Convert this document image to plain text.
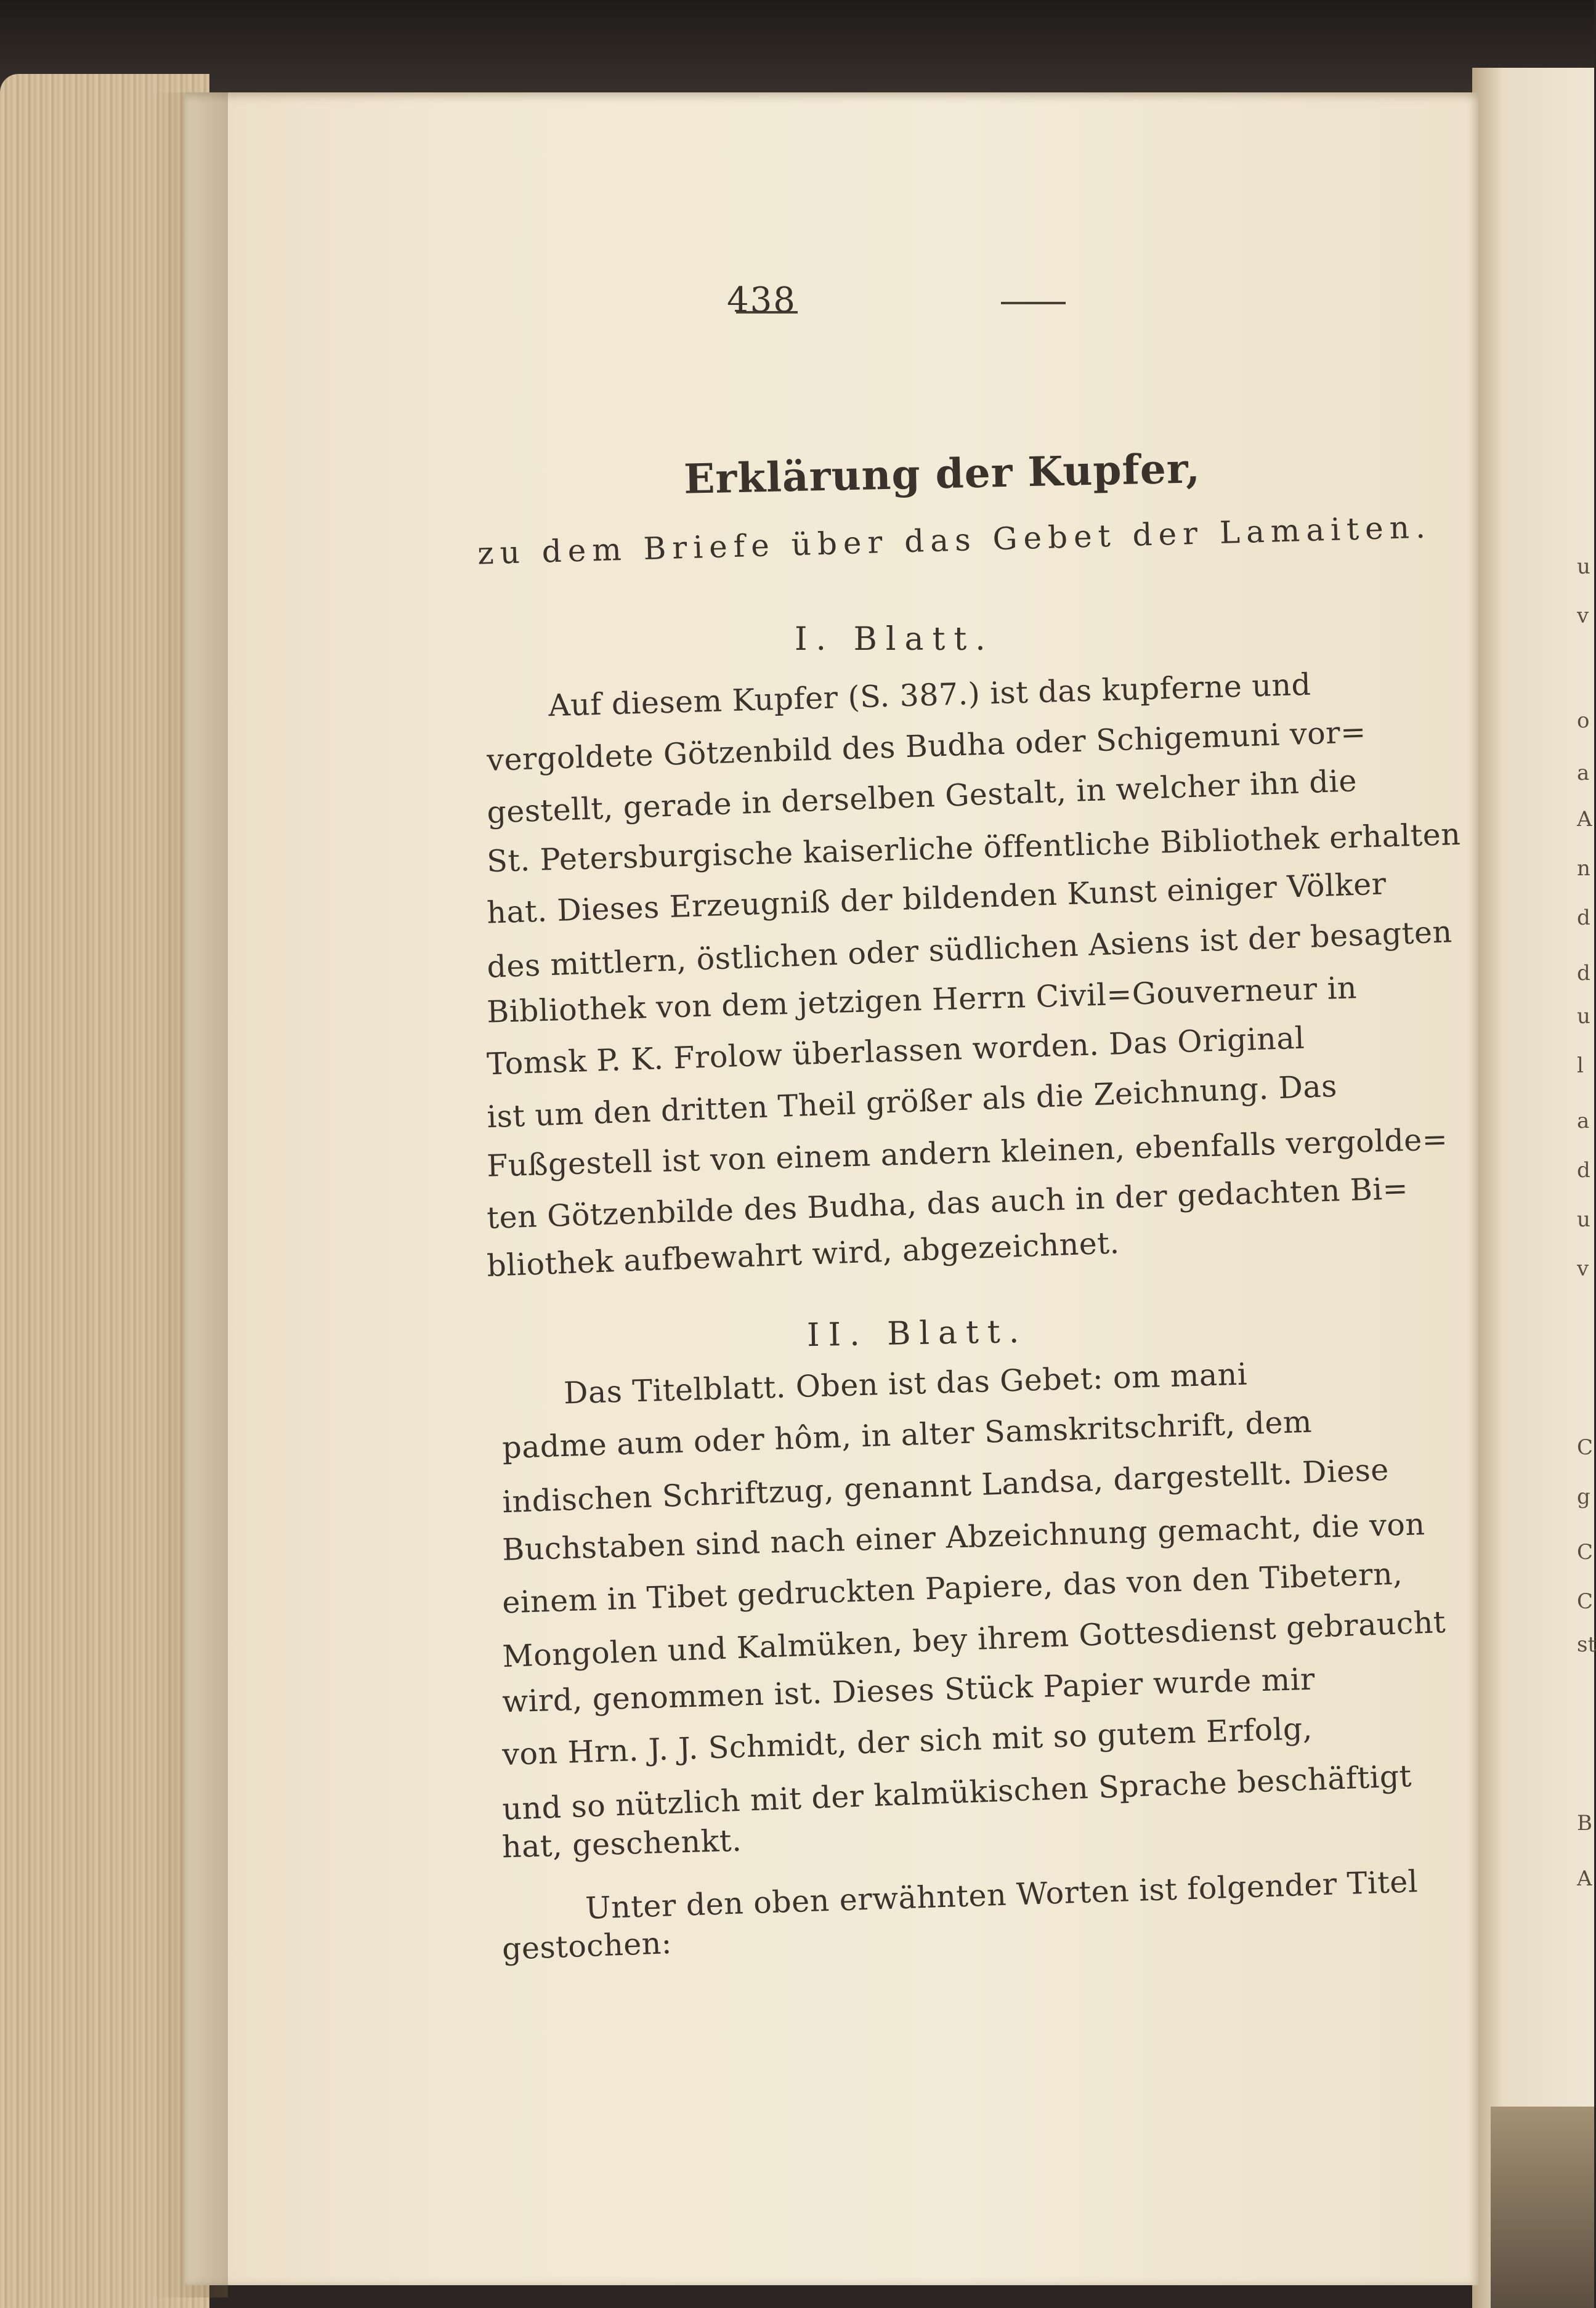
u
v
o
a
A
n
d
d
u
l
a
d
u
v
C
g
C
C
st
B
A
438
Erklärung der Kupfer,
zu dem Briefe über das Gebet der Lamaiten.
I. Blatt.
Auf diesem Kupfer (S. 387.) ist das kupferne und
vergoldete Götzenbild des Budha oder Schigemuni vor=
gestellt, gerade in derselben Gestalt, in welcher ihn die
St. Petersburgische kaiserliche öffentliche Bibliothek erhalten
hat. Dieses Erzeugniß der bildenden Kunst einiger Völker
des mittlern, östlichen oder südlichen Asiens ist der besagten
Bibliothek von dem jetzigen Herrn Civil=Gouverneur in
Tomsk P. K. Frolow überlassen worden. Das Original
ist um den dritten Theil größer als die Zeichnung. Das
Fußgestell ist von einem andern kleinen, ebenfalls vergolde=
ten Götzenbilde des Budha, das auch in der gedachten Bi=
bliothek aufbewahrt wird, abgezeichnet.
II. Blatt.
Das Titelblatt. Oben ist das Gebet: om mani
padme aum oder hôm, in alter Samskritschrift, dem
indischen Schriftzug, genannt Landsa, dargestellt. Diese
Buchstaben sind nach einer Abzeichnung gemacht, die von
einem in Tibet gedruckten Papiere, das von den Tibetern,
Mongolen und Kalmüken, bey ihrem Gottesdienst gebraucht
wird, genommen ist. Dieses Stück Papier wurde mir
von Hrn. J. J. Schmidt, der sich mit so gutem Erfolg,
und so nützlich mit der kalmükischen Sprache beschäftigt
hat, geschenkt.
Unter den oben erwähnten Worten ist folgender Titel
gestochen:
